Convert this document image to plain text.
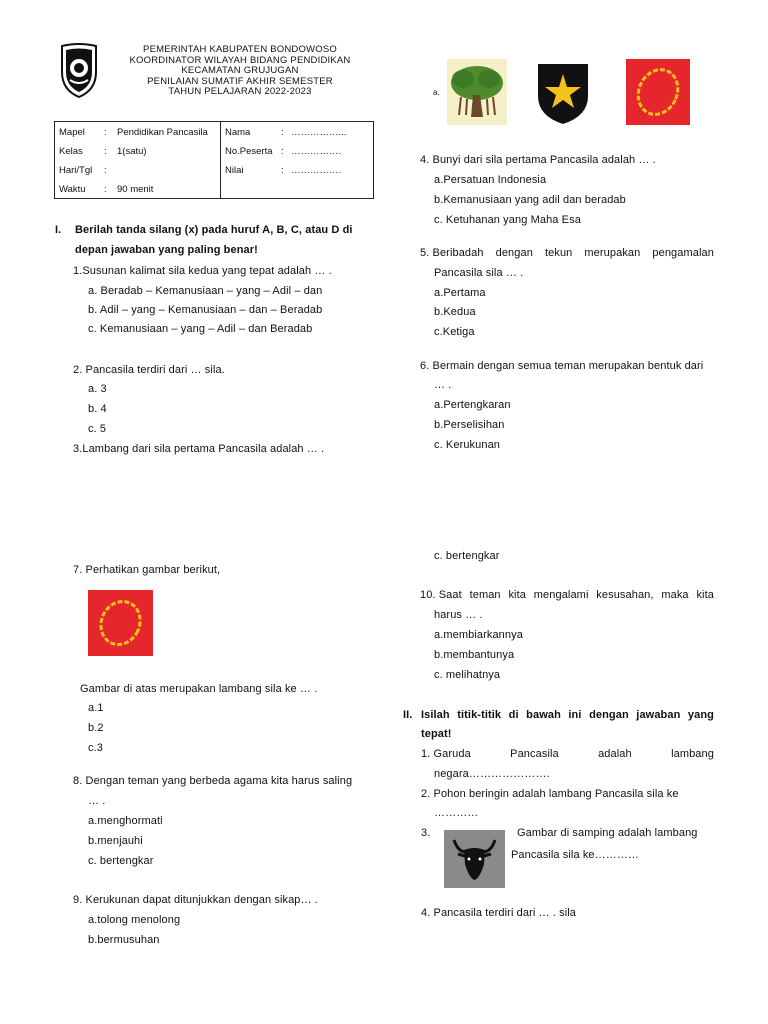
PEMERINTAH KABUPATEN BONDOWOSO
KOORDINATOR WILAYAH BIDANG PENDIDIKAN
KECAMATAN GRUJUGAN
PENILAIAN SUMATIF AKHIR SEMESTER
TAHUN PELAJARAN 2022-2023
Mapel : Pendidikan Pancasila
Kelas : 1(satu)
Hari/Tgl :
Waktu : 90 menit

Nama	: ……………...
No.Peserta : …………….
Nilai	: …………….
I. Berilah tanda silang (x) pada huruf A, B, C, atau D di
depan jawaban yang paling benar!
1.Susunan kalimat sila kedua yang tepat adalah … .
a. Beradab – Kemanusiaan – yang – Adil – dan
b. Adil – yang – Kemanusiaan – dan – Beradab
c. Kemanusiaan – yang – Adil – dan Beradab
2. Pancasila terdiri dari … sila.
a. 3
b. 4
c. 5
3.Lambang dari sila pertama Pancasila adalah … .
7. Perhatikan gambar berikut,
Gambar di atas merupakan lambang sila ke … .
a.1
b.2
c.3
8. Dengan teman yang berbeda agama kita harus saling
… .
a.menghormati
b.menjauhi
c. bertengkar
9. Kerukunan dapat ditunjukkan dengan sikap… .
a.tolong menolong
b.bermusuhan
a.
4. Bunyi dari sila pertama Pancasila adalah … .
a.Persatuan Indonesia
b.Kemanusiaan yang adil dan beradab
c. Ketuhanan yang Maha Esa
5. Beribadah dengan tekun merupakan pengamalan
Pancasila sila … .
a.Pertama
b.Kedua
c.Ketiga
6. Bermain dengan semua teman merupakan bentuk dari
… .
a.Pertengkaran
b.Perselisihan
c. Kerukunan
c. bertengkar
10. Saat teman kita mengalami kesusahan, maka kita
harus … .
a.membiarkannya
b.membantunya
c. melihatnya
II. Isilah titik-titik di bawah ini dengan jawaban yang
tepat!
1. Garuda	Pancasila	adalah	lambang
negara………………….
2. Pohon beringin adalah lambang Pancasila sila ke
…………
3.	Gambar di samping adalah lambang
Pancasila sila ke…………
4. Pancasila terdiri dari … . sila
